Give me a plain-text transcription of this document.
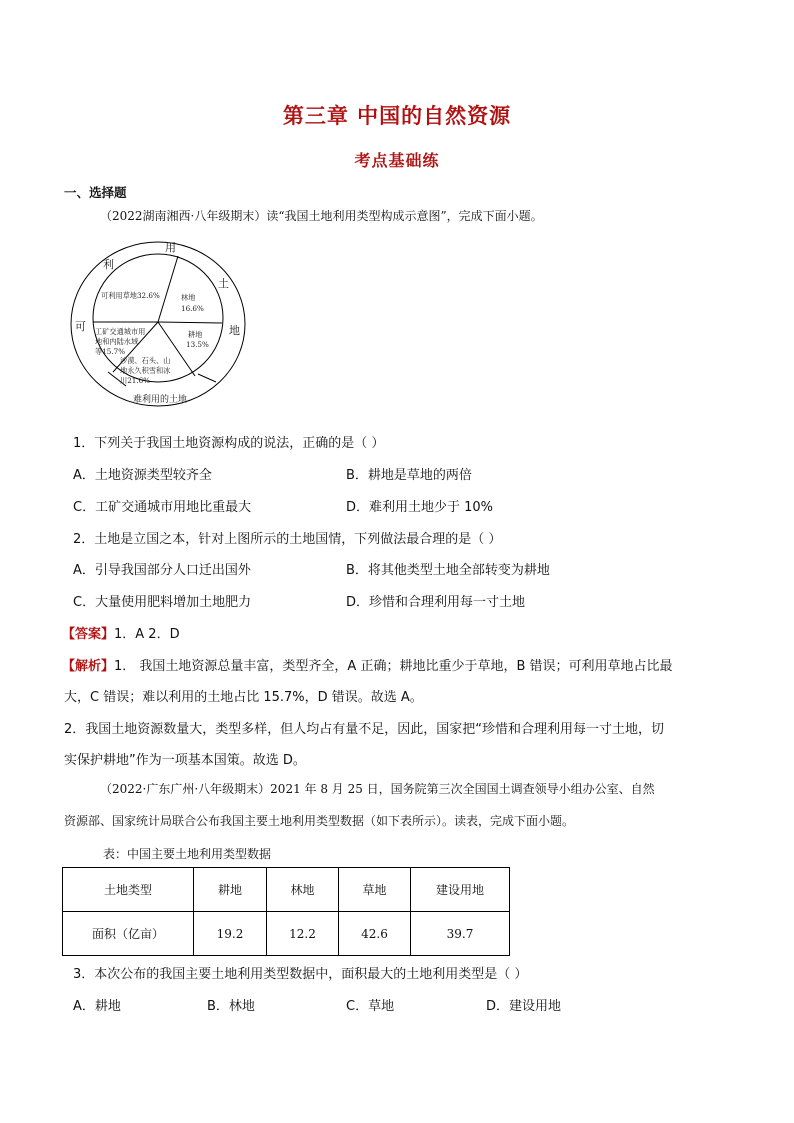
第三章 中国的自然资源
考点基础练
一、选择题
（2022湖南湘西·八年级期末）读“我国土地利用类型构成示意图”，完成下面小题。
利
用
土
地
可
可利用草地32.6%	林地
16.6%
耕地
13.5%
工矿交通城市用
地和内陆水域
等15.7%
沙漠、石头、山
地永久积雪和冰
川21.6%
难利用的土地
1．下列关于我国土地资源构成的说法，正确的是（ ）
A．土地资源类型较齐全	B．耕地是草地的两倍
C．工矿交通城市用地比重最大	D．难利用土地少于 10%
2．土地是立国之本，针对上图所示的土地国情，下列做法最合理的是（ ）
A．引导我国部分人口迁出国外	B．将其他类型土地全部转变为耕地
C．大量使用肥料增加土地肥力	D．珍惜和合理利用每一寸土地
【答案】1．A 2．D
【解析】1． 我国土地资源总量丰富，类型齐全，A 正确；耕地比重少于草地，B 错误；可利用草地占比最
大，C 错误；难以利用的土地占比 15.7%，D 错误。故选 A。
2．我国土地资源数量大，类型多样，但人均占有量不足，因此，国家把“珍惜和合理利用每一寸土地，切
实保护耕地”作为一项基本国策。故选 D。
（2022·广东广州·八年级期末）2021 年 8 月 25 日，国务院第三次全国国土调查领导小组办公室、自然
资源部、国家统计局联合公布我国主要土地利用类型数据（如下表所示）。读表，完成下面小题。
表：中国主要土地利用类型数据
土地类型	耕地	林地	草地	建设用地
面积（亿亩）	19.2	12.2	42.6	39.7
3．本次公布的我国主要土地利用类型数据中，面积最大的土地利用类型是（ ）
A．耕地	B．林地	C．草地	D．建设用地
